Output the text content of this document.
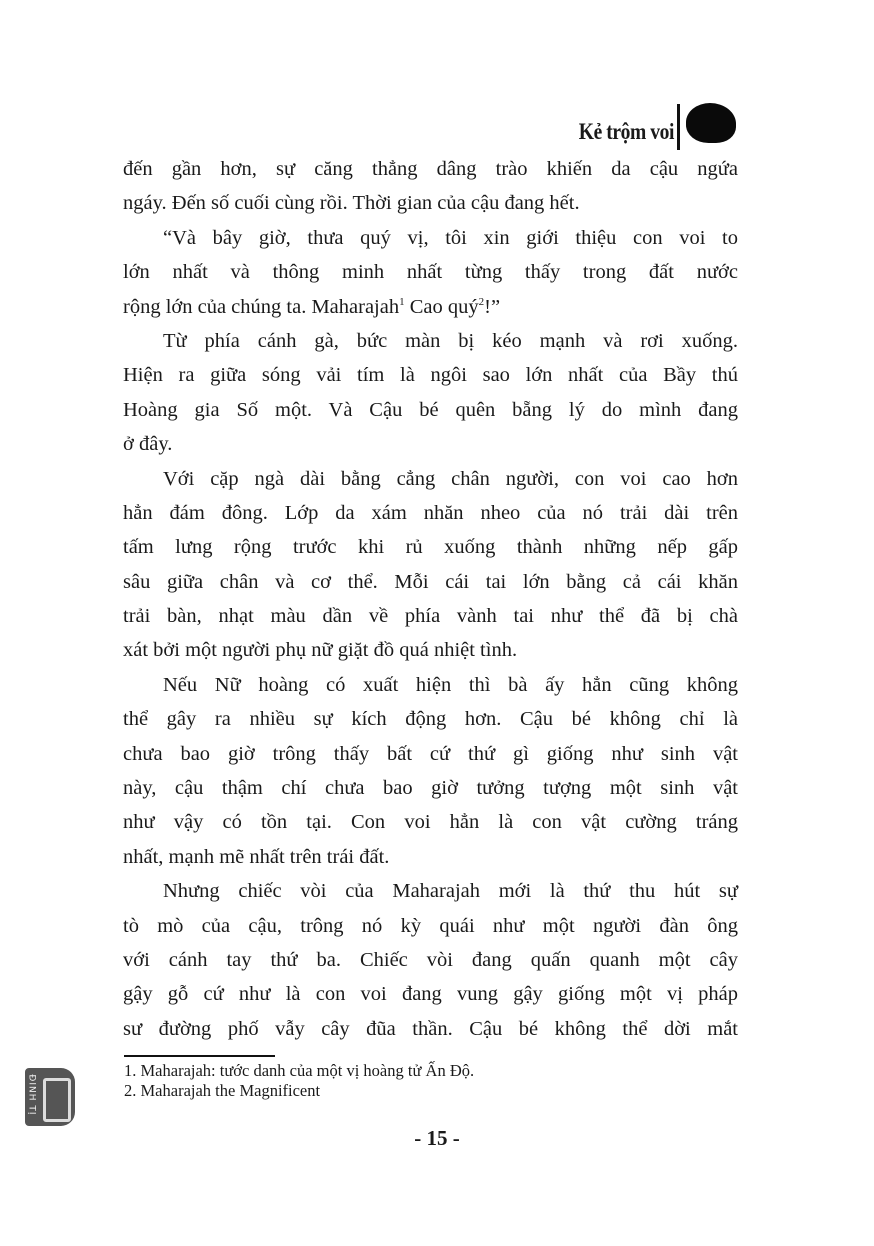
Kẻ trộm voi
đến gần hơn, sự căng thẳng dâng trào khiến da cậu ngứa
ngáy. Đến số cuối cùng rồi. Thời gian của cậu đang hết.
“Và bây giờ, thưa quý vị, tôi xin giới thiệu con voi to
lớn nhất và thông minh nhất từng thấy trong đất nước
rộng lớn của chúng ta. Maharajah$^1$ Cao quý$^2$!”
Từ phía cánh gà, bức màn bị kéo mạnh và rơi xuống.
Hiện ra giữa sóng vải tím là ngôi sao lớn nhất của Bầy thú
Hoàng gia Số một. Và Cậu bé quên bẵng lý do mình đang
ở đây.
Với cặp ngà dài bằng cẳng chân người, con voi cao hơn
hẳn đám đông. Lớp da xám nhăn nheo của nó trải dài trên
tấm lưng rộng trước khi rủ xuống thành những nếp gấp
sâu giữa chân và cơ thể. Mỗi cái tai lớn bằng cả cái khăn
trải bàn, nhạt màu dần về phía vành tai như thể đã bị chà
xát bởi một người phụ nữ giặt đồ quá nhiệt tình.
Nếu Nữ hoàng có xuất hiện thì bà ấy hẳn cũng không
thể gây ra nhiều sự kích động hơn. Cậu bé không chỉ là
chưa bao giờ trông thấy bất cứ thứ gì giống như sinh vật
này, cậu thậm chí chưa bao giờ tưởng tượng một sinh vật
như vậy có tồn tại. Con voi hẳn là con vật cường tráng
nhất, mạnh mẽ nhất trên trái đất.
Nhưng chiếc vòi của Maharajah mới là thứ thu hút sự
tò mò của cậu, trông nó kỳ quái như một người đàn ông
với cánh tay thứ ba. Chiếc vòi đang quấn quanh một cây
gậy gỗ cứ như là con voi đang vung gậy giống một vị pháp
sư đường phố vẫy cây đũa thần. Cậu bé không thể dời mắt
1. Maharajah: tước danh của một vị hoàng tử Ấn Độ.
2. Maharajah the Magnificent
- 15 -
ĐINH TỊ
